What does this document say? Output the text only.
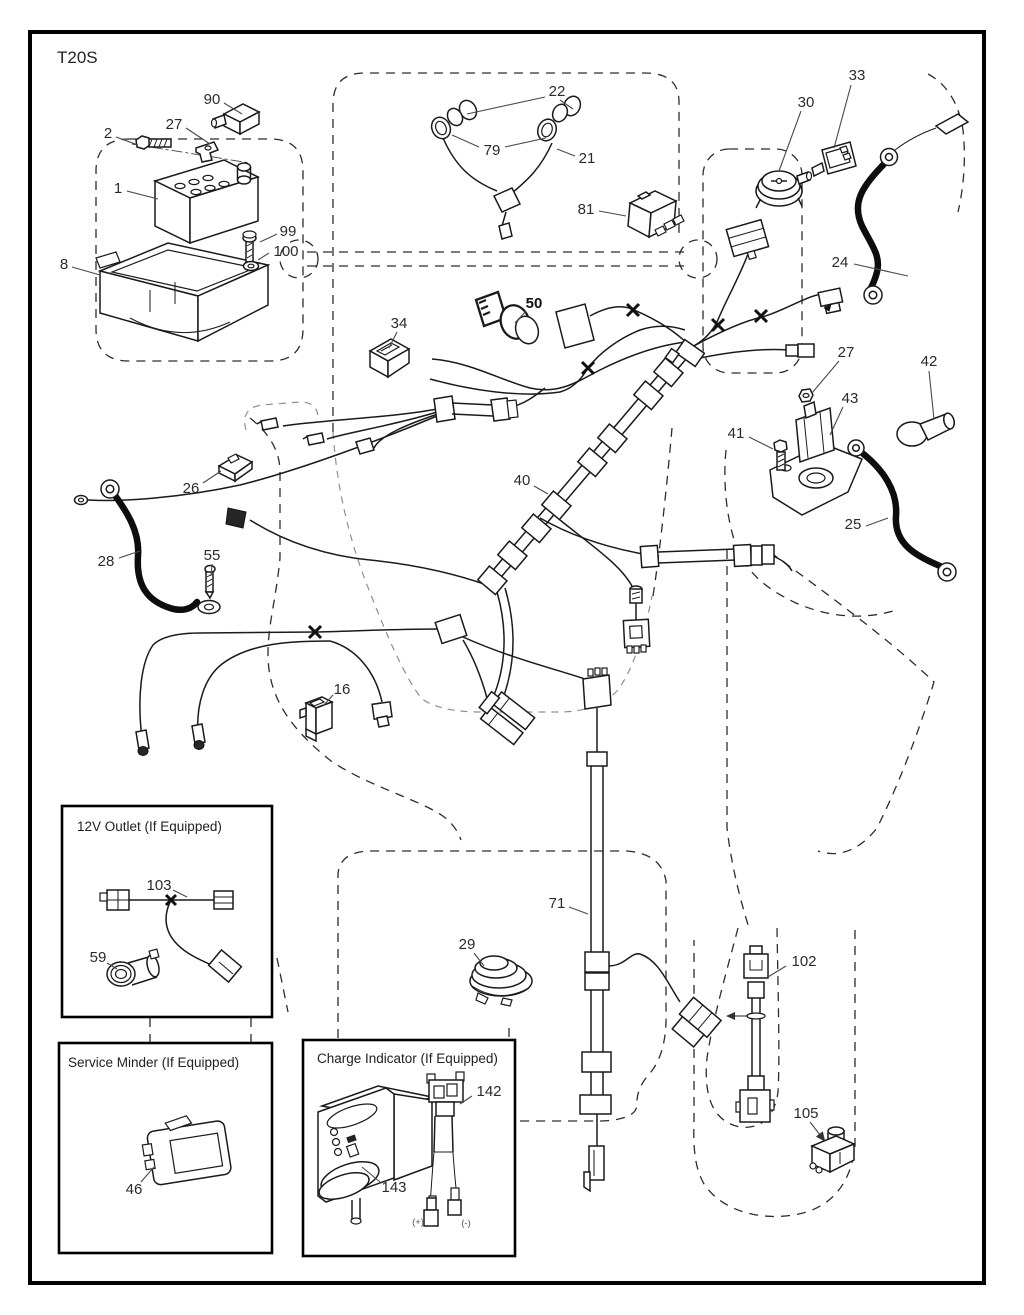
T20S
12V Outlet (If Equipped)
Service Minder (If Equipped)	Charge Indicator (If Equipped)
90
27
2
1
99
100
8
22
79	21
81
30
33
24
34
50
27
42
43
41
25
26	40
28	55
16
71
29
102
105
103
59
46
142
143
(+)	(-)
